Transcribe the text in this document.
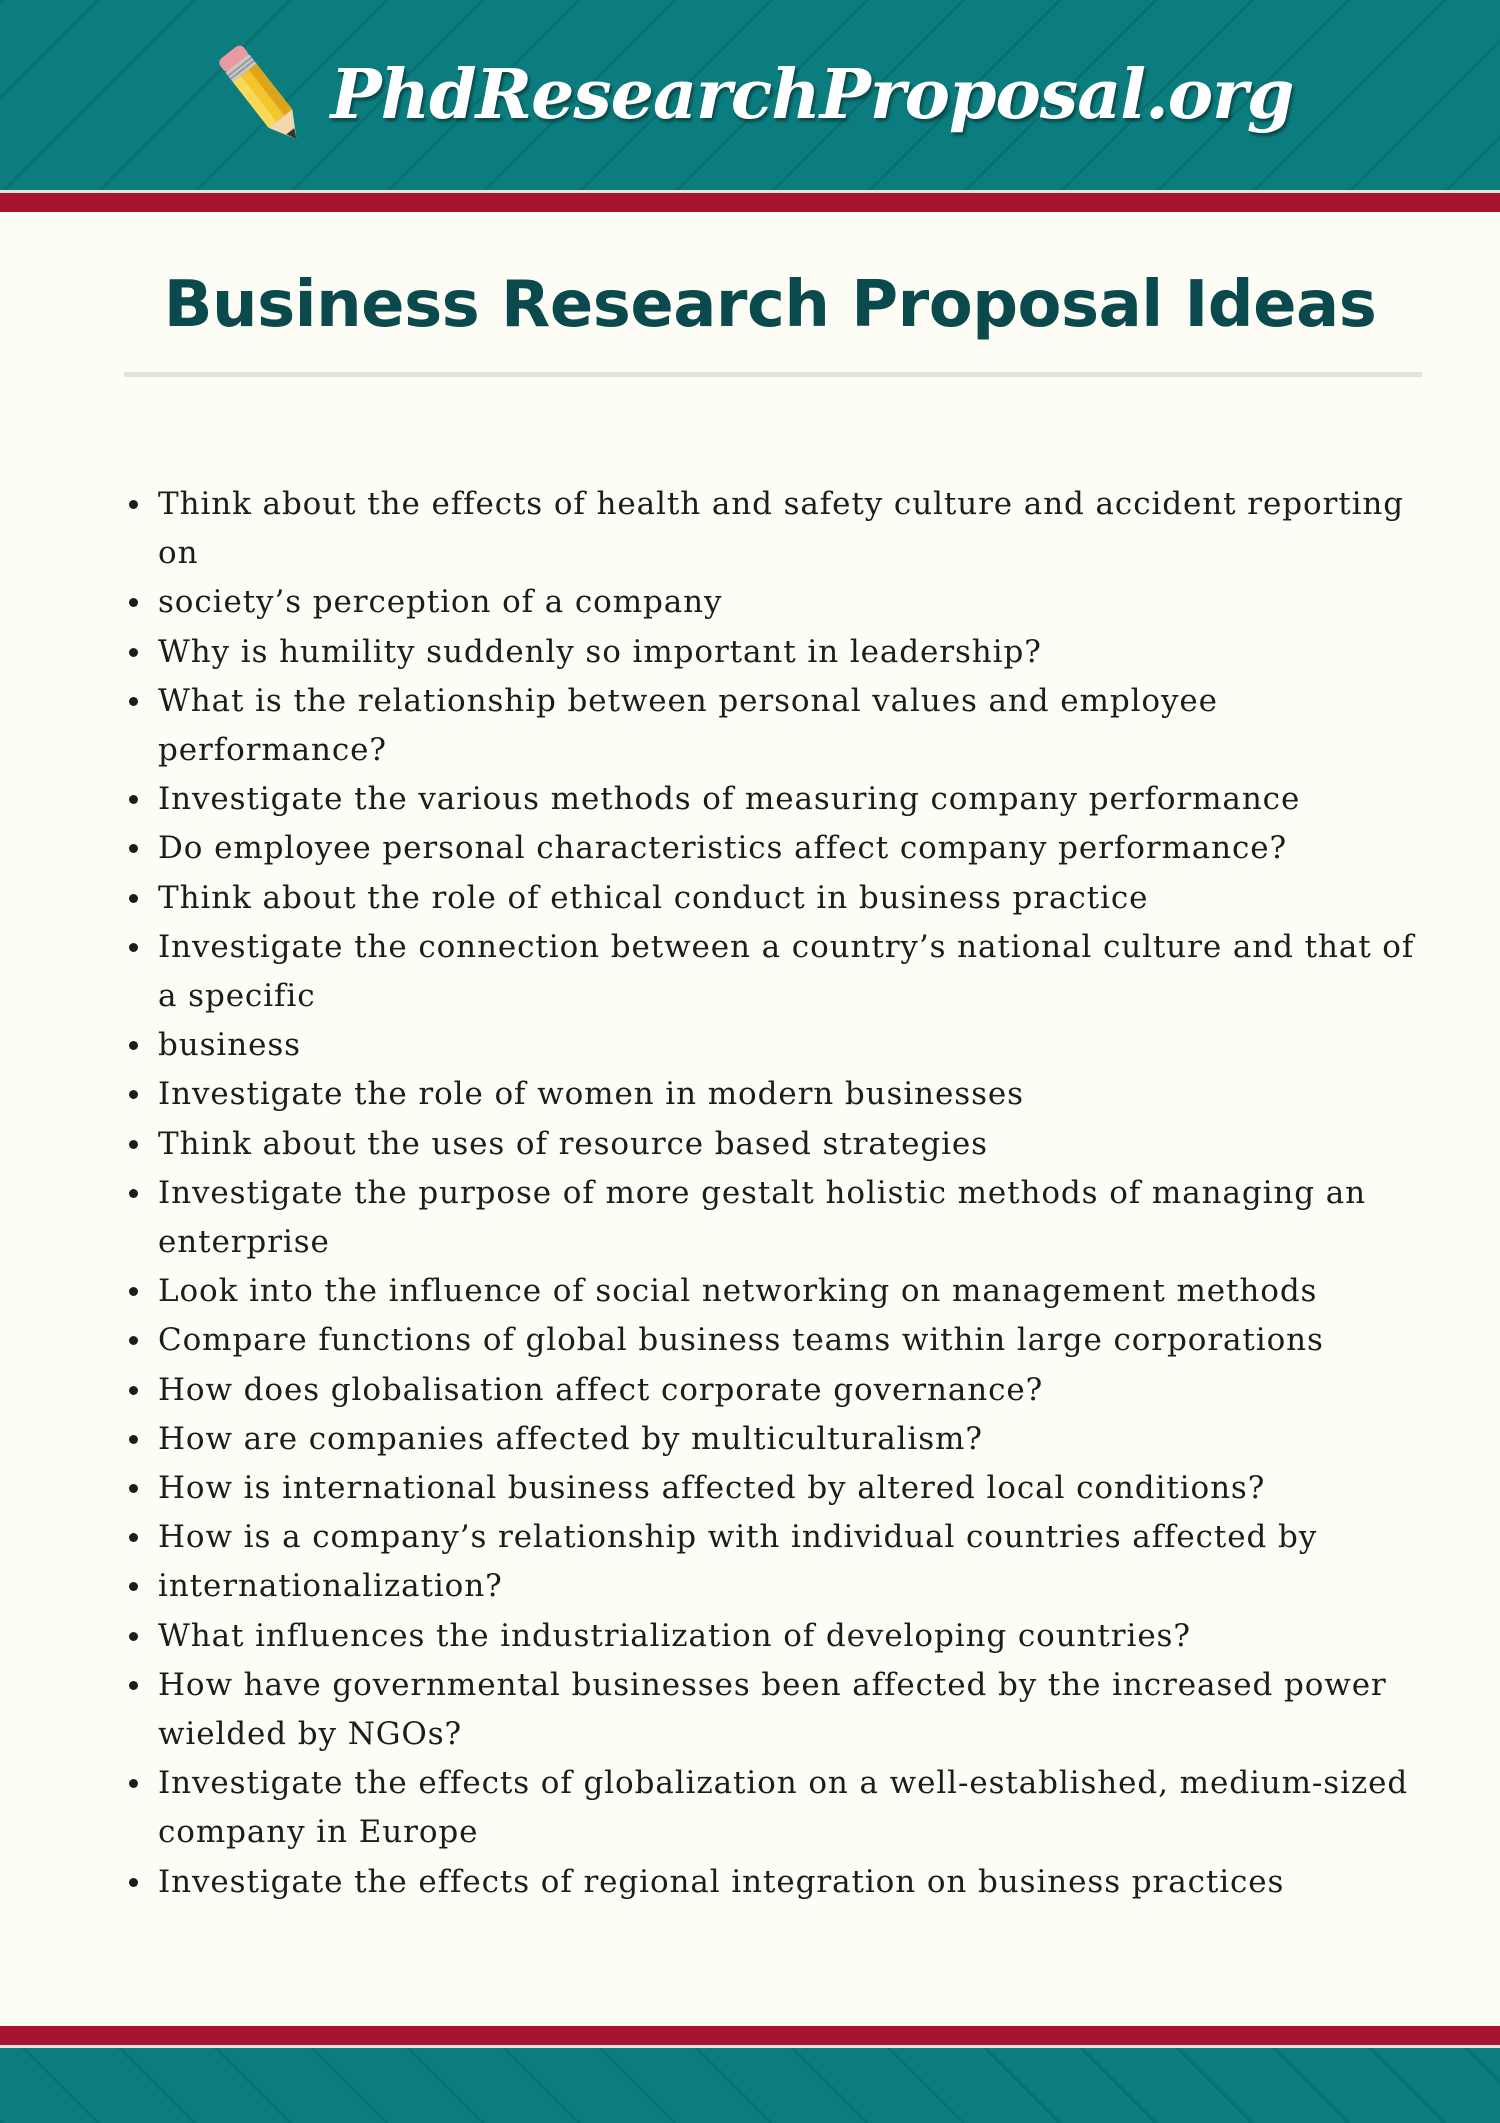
PhdResearchProposal.org
Business Research Proposal Ideas
Think about the effects of health and safety culture and accident reporting on
society’s perception of a company
Why is humility suddenly so important in leadership?
What is the relationship between personal values and employee performance?
Investigate the various methods of measuring company performance
Do employee personal characteristics affect company performance?
Think about the role of ethical conduct in business practice
Investigate the connection between a country’s national culture and that of a specific
business
Investigate the role of women in modern businesses
Think about the uses of resource based strategies
Investigate the purpose of more gestalt holistic methods of managing an enterprise
Look into the influence of social networking on management methods
Compare functions of global business teams within large corporations
How does globalisation affect corporate governance?
How are companies affected by multiculturalism?
How is international business affected by altered local conditions?
How is a company’s relationship with individual countries affected by
internationalization?
What influences the industrialization of developing countries?
How have governmental businesses been affected by the increased power wielded by NGOs?
Investigate the effects of globalization on a well-established, medium-sized company in Europe
Investigate the effects of regional integration on business practices
